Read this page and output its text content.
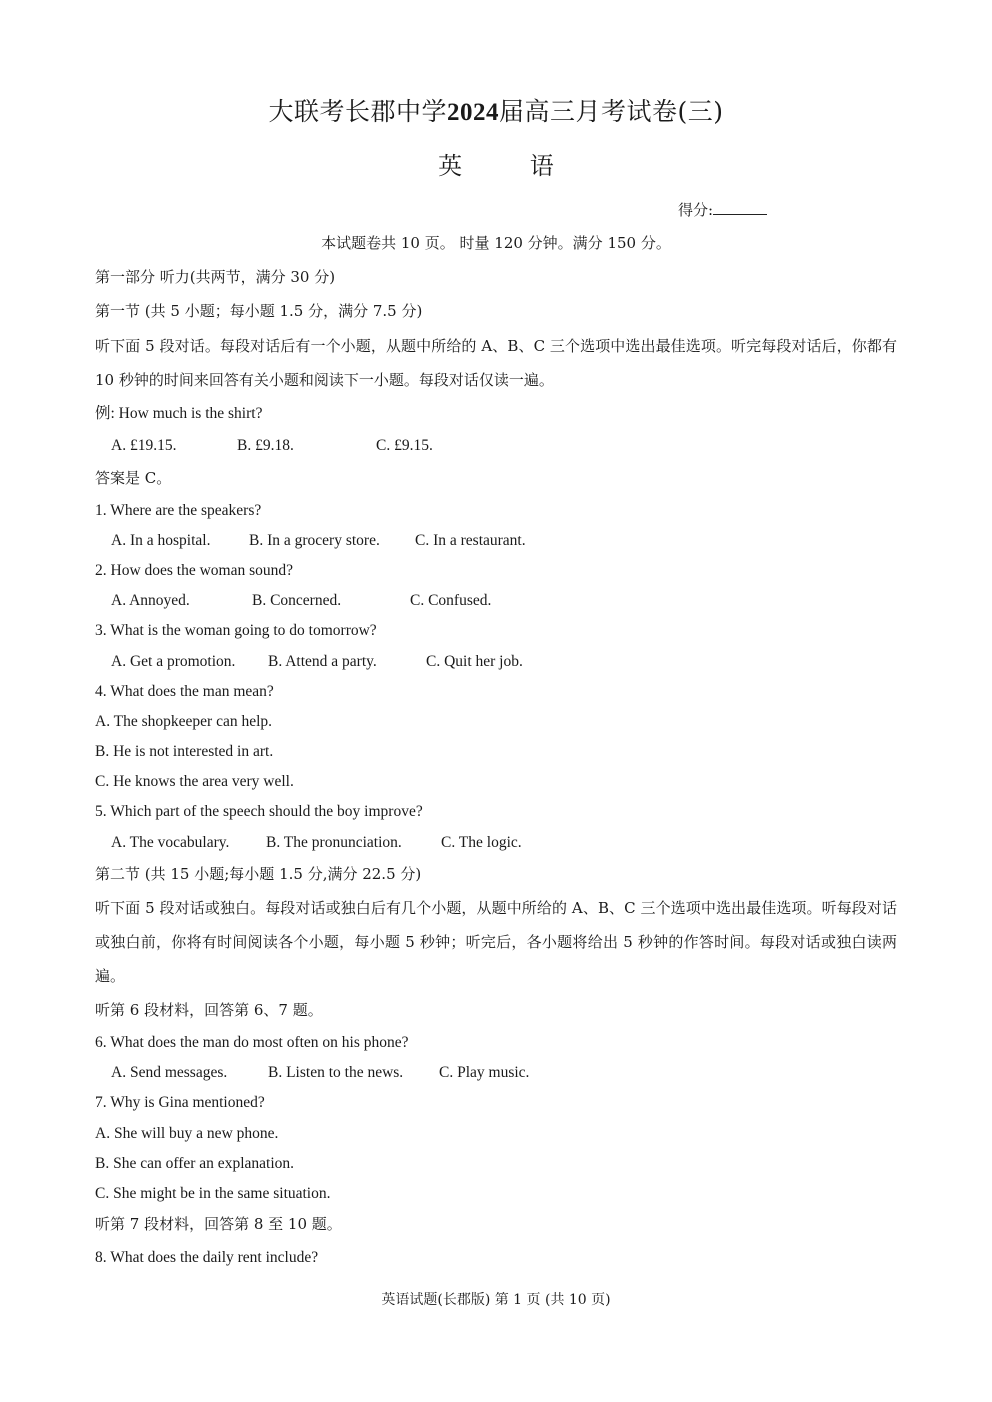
大联考长郡中学2024届高三月考试卷(三)
英 语
得分:
本试题卷共 10 页。 时量 120 分钟。满分 150 分。
第一部分 听力(共两节，满分 30 分)
第一节 (共 5 小题；每小题 1.5 分，满分 7.5 分)
听下面 5 段对话。每段对话后有一个小题，从题中所给的 A、B、C 三个选项中选出最佳选项。听完每段对话后，你都有 10 秒钟的时间来回答有关小题和阅读下一小题。每段对话仅读一遍。
例: How much is the shirt?
A. £19.15.	B. £9.18.	C. £9.15.
答案是 C。
1. Where are the speakers?
A. In a hospital. B. In a grocery store. C. In a restaurant.
2. How does the woman sound?
A. Annoyed.	B. Concerned.	C. Confused.
3. What is the woman going to do tomorrow?
A. Get a promotion. B. Attend a party.	C. Quit her job.
4. What does the man mean?
A. The shopkeeper can help.
B. He is not interested in art.
C. He knows the area very well.
5. Which part of the speech should the boy improve?
A. The vocabulary. B. The pronunciation.	C. The logic.
第二节 (共 15 小题;每小题 1.5 分,满分 22.5 分)
听下面 5 段对话或独白。每段对话或独白后有几个小题，从题中所给的 A、B、C 三个选项中选出最佳选项。听每段对话或独白前，你将有时间阅读各个小题，每小题 5 秒钟；听完后，各小题将给出 5 秒钟的作答时间。每段对话或独白读两遍。
听第 6 段材料，回答第 6、7 题。
6. What does the man do most often on his phone?
A. Send messages.	B. Listen to the news. C. Play music.
7. Why is Gina mentioned?
A. She will buy a new phone.
B. She can offer an explanation.
C. She might be in the same situation.
听第 7 段材料，回答第 8 至 10 题。
8. What does the daily rent include?
英语试题(长郡版) 第 1 页 (共 10 页)
